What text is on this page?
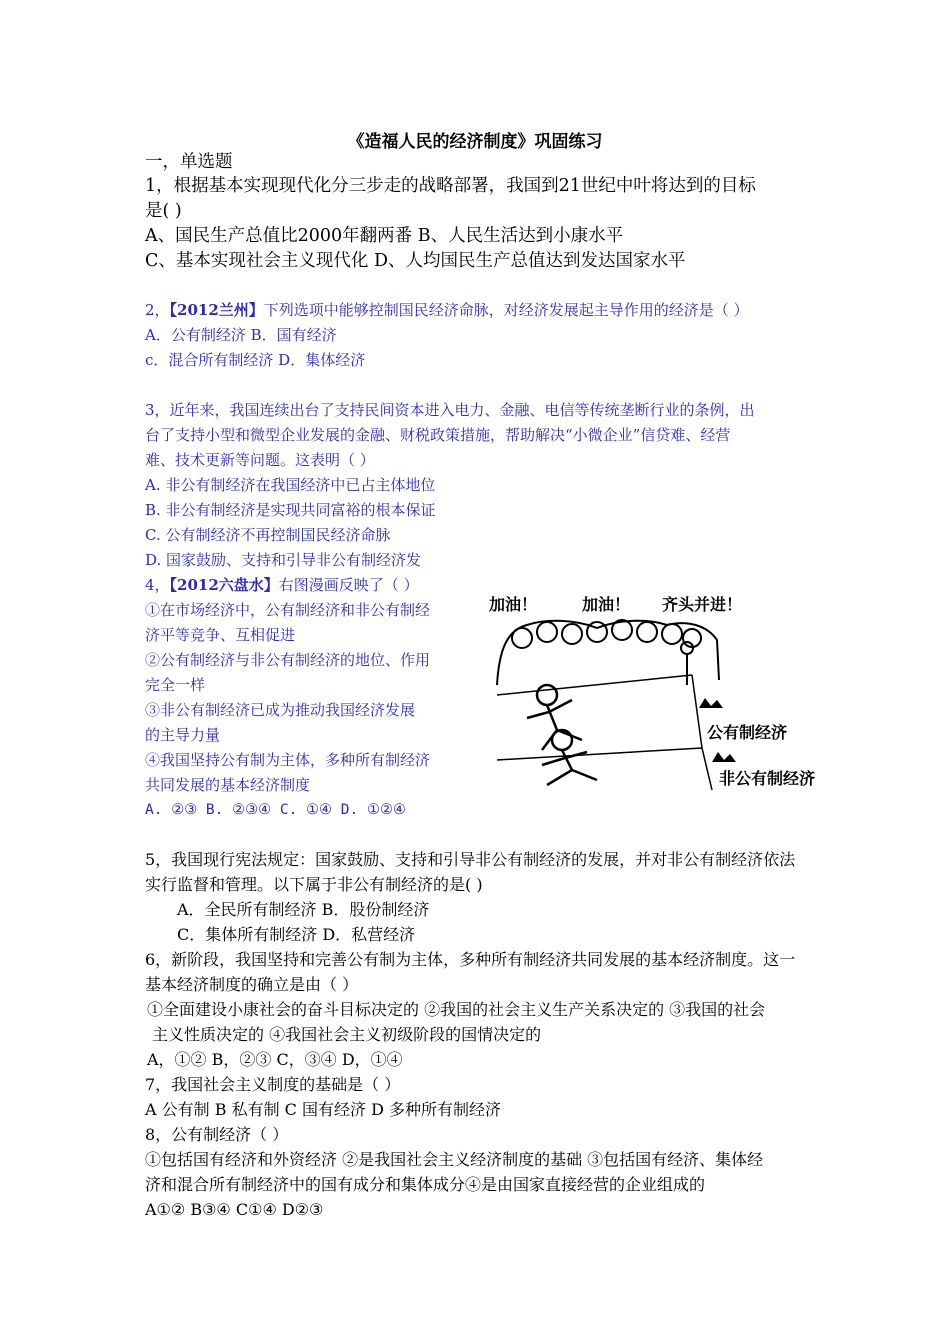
《造福人民的经济制度》巩固练习
一，单选题
1，根据基本实现现代化分三步走的战略部署，我国到21世纪中叶将达到的目标
是( )
A、国民生产总值比2000年翻两番 B、人民生活达到小康水平
C、基本实现社会主义现代化 D、人均国民生产总值达到发达国家水平
2，【2012兰州】下列选项中能够控制国民经济命脉，对经济发展起主导作用的经济是（ ）
A．公有制经济 B．国有经济
c．混合所有制经济 D．集体经济
3，近年来，我国连续出台了支持民间资本进入电力、金融、电信等传统垄断行业的条例，出
台了支持小型和微型企业发展的金融、财税政策措施，帮助解决“小微企业”信贷难、经营
难、技术更新等问题。这表明（ ）
A. 非公有制经济在我国经济中已占主体地位
B. 非公有制经济是实现共同富裕的根本保证
C. 公有制经济不再控制国民经济命脉
D. 国家鼓励、支持和引导非公有制经济发
4，【2012六盘水】右图漫画反映了（ ）
①在市场经济中，公有制经济和非公有制经
济平等竞争、互相促进
②公有制经济与非公有制经济的地位、作用
完全一样
③非公有制经济已成为推动我国经济发展
的主导力量
④我国坚持公有制为主体，多种所有制经济
共同发展的基本经济制度
A. ②③ B. ②③④ C. ①④ D. ①②④
加油！	加油！ 齐头并进！
公有制经济
非公有制经济
5，我国现行宪法规定：国家鼓励、支持和引导非公有制经济的发展，并对非公有制经济依法
实行监督和管理。以下属于非公有制经济的是( )
A．全民所有制经济 B．股份制经济
C．集体所有制经济 D．私营经济
6，新阶段，我国坚持和完善公有制为主体，多种所有制经济共同发展的基本经济制度。这一
基本经济制度的确立是由（ ）
①全面建设小康社会的奋斗目标决定的 ②我国的社会主义生产关系决定的 ③我国的社会
主义性质决定的 ④我国社会主义初级阶段的国情决定的
A，①② B，②③ C，③④ D，①④
7，我国社会主义制度的基础是（ ）
A 公有制 B 私有制 C 国有经济 D 多种所有制经济
8，公有制经济（ ）
①包括国有经济和外资经济 ②是我国社会主义经济制度的基础 ③包括国有经济、集体经
济和混合所有制经济中的国有成分和集体成分④是由国家直接经营的企业组成的
A①② B③④ C①④ D②③
